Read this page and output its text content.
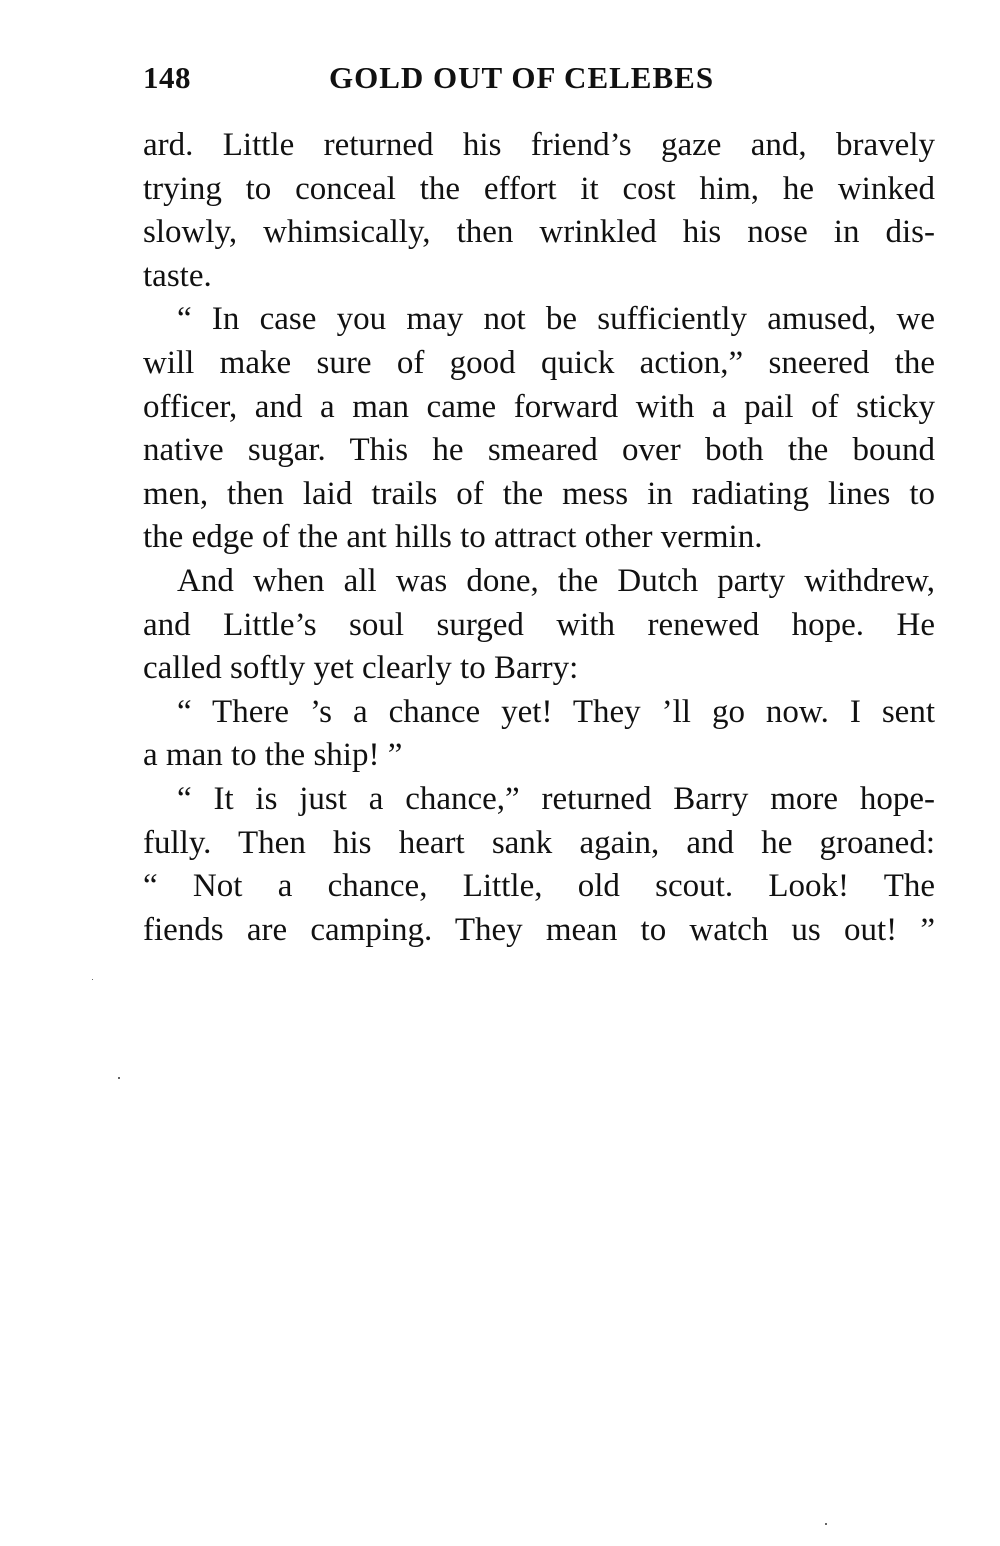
148	GOLD OUT OF CELEBES

ard. Little returned his friend’s gaze and, bravely
trying to conceal the effort it cost him, he winked
slowly, whimsically, then wrinkled his nose in dis-
taste.

“ In case you may not be sufficiently amused, we
will make sure of good quick action,” sneered the
officer, and a man came forward with a pail of sticky
native sugar. This he smeared over both the bound
men, then laid trails of the mess in radiating lines to
the edge of the ant hills to attract other vermin.

And when all was done, the Dutch party withdrew,
and Little’s soul surged with renewed hope. He
called softly yet clearly to Barry:

“ There ’s a chance yet! They ’ll go now. I sent
a man to the ship! ”

“ It is just a chance,” returned Barry more hope-
fully. Then his heart sank again, and he groaned:
“ Not a chance, Little, old scout. Look! The
fiends are camping. They mean to watch us out! ”
